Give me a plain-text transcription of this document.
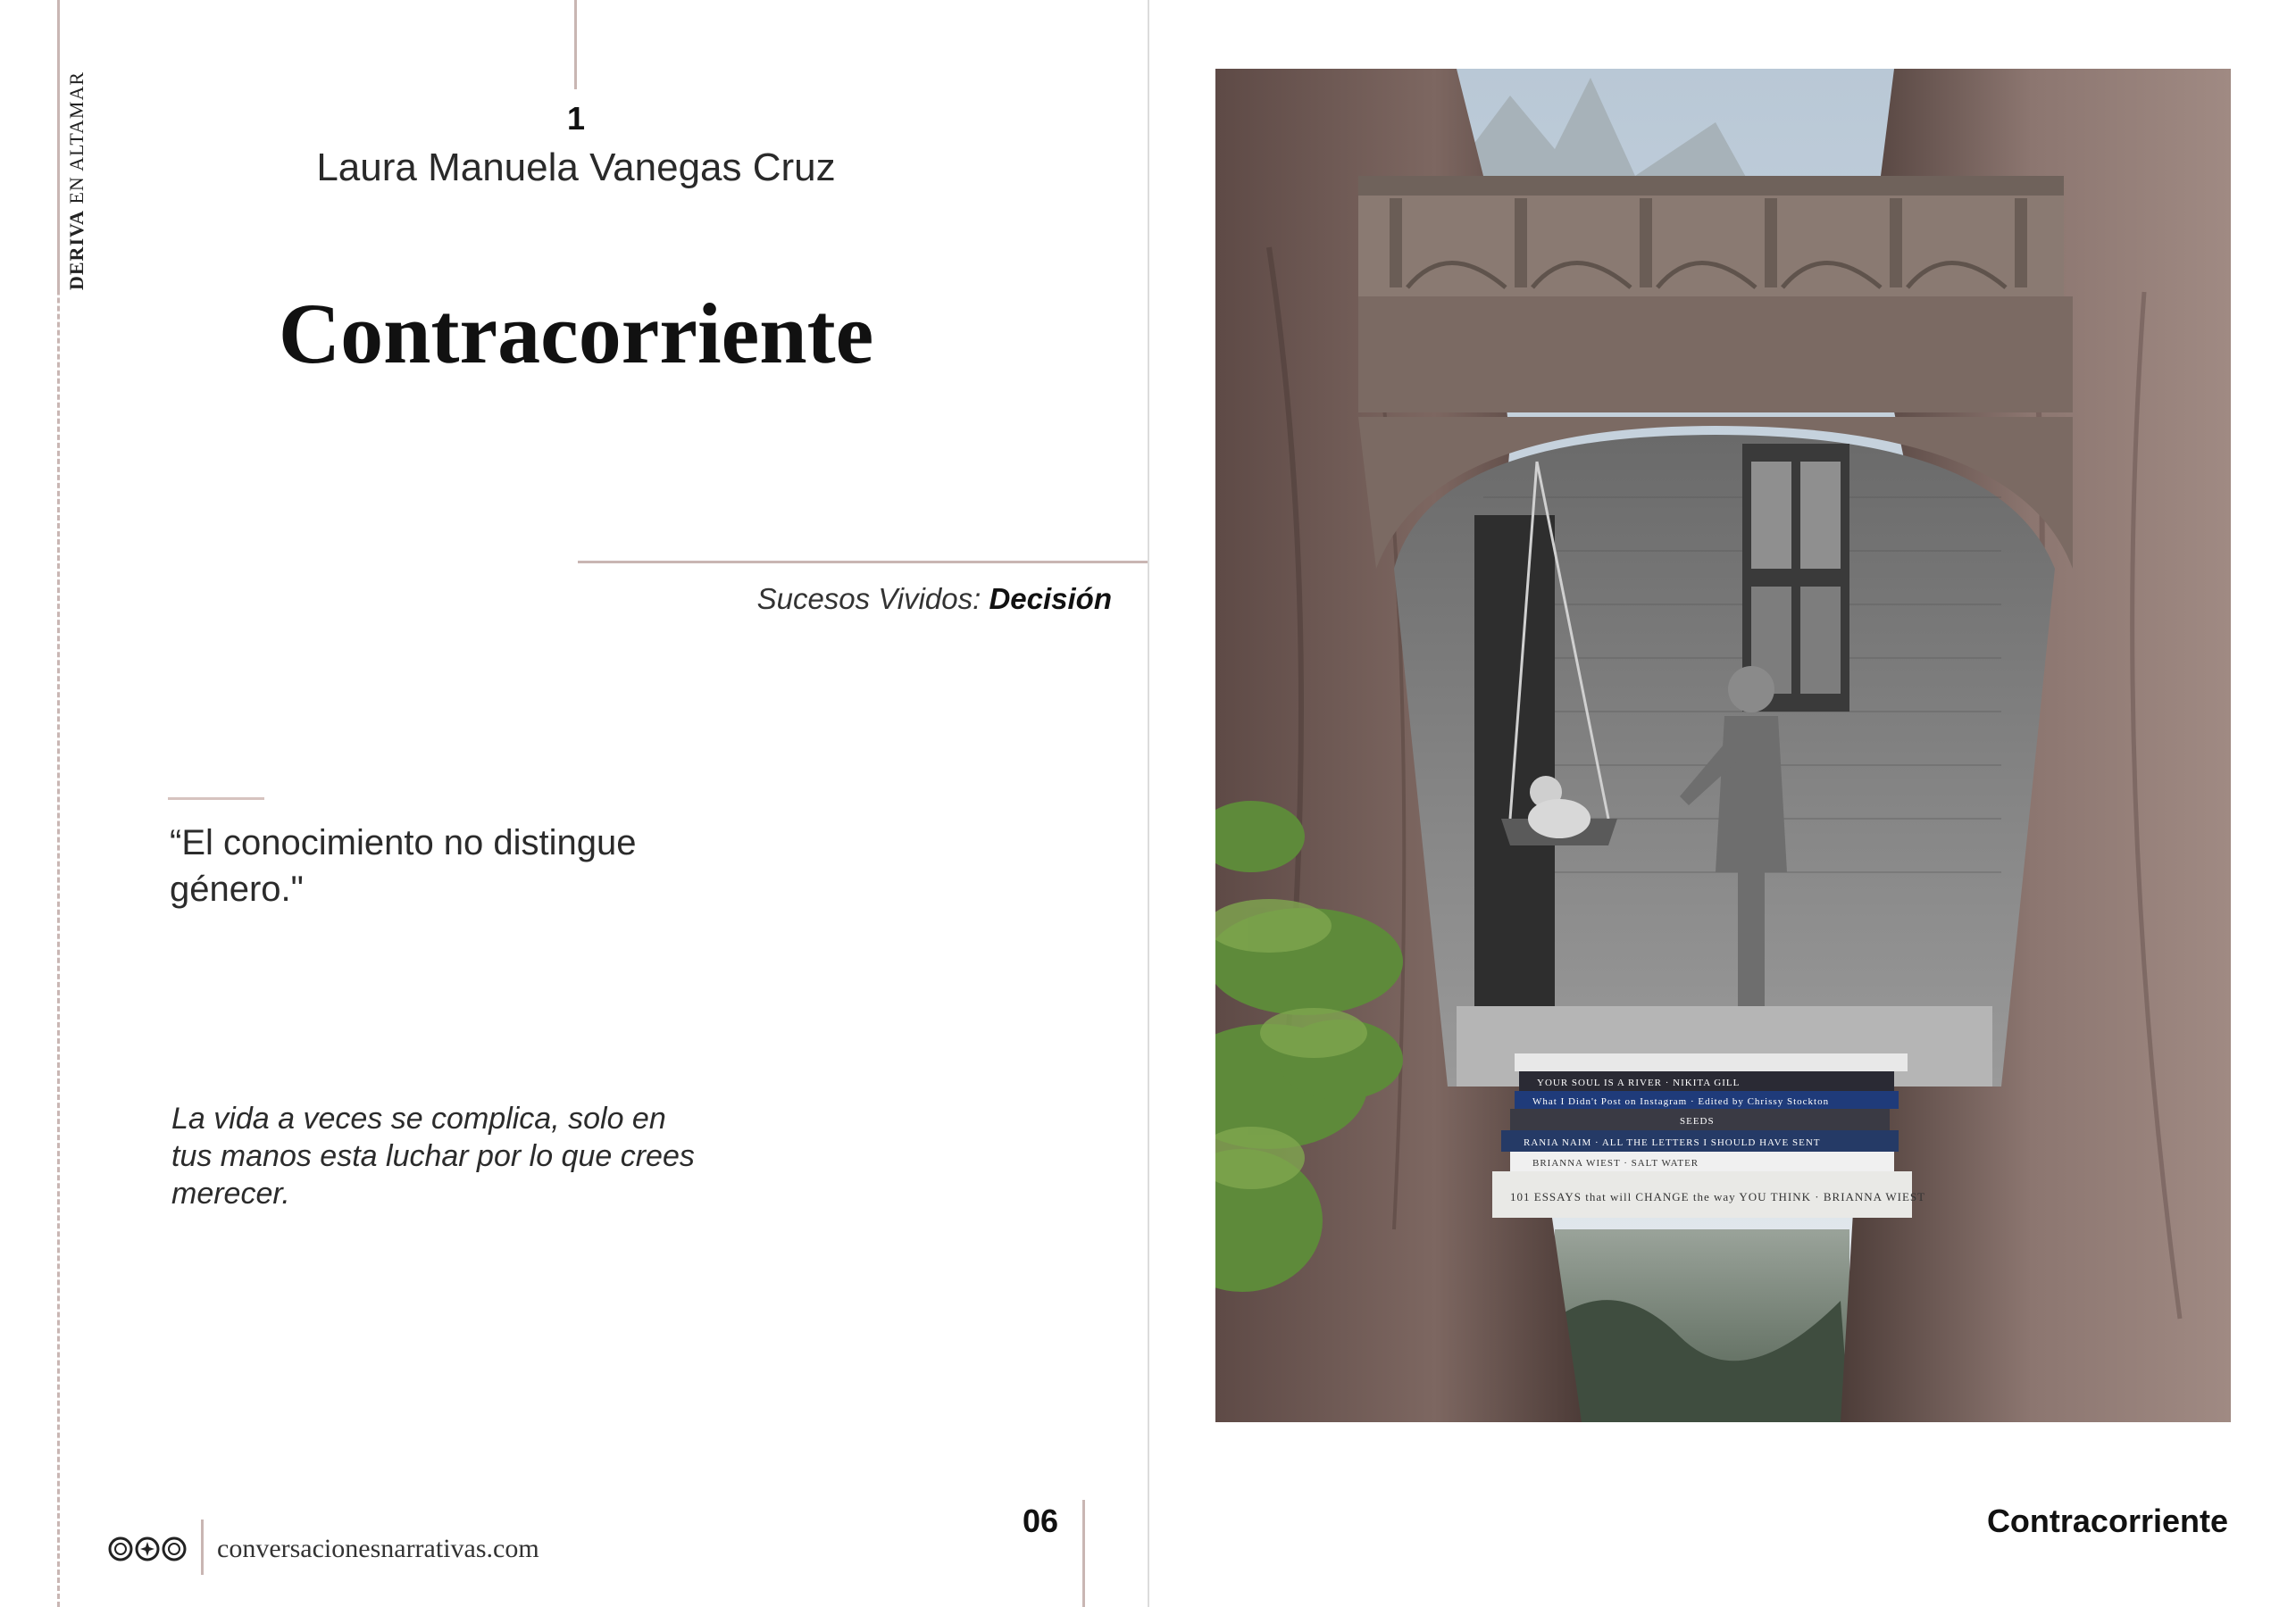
DERIVA EN ALTAMAR	1
Laura Manuela Vanegas Cruz
Contracorriente
Sucesos Vividos: Decisión
“El conocimiento no distingue género."
La vida a veces se complica, solo en tus manos esta luchar por lo que crees merecer.
conversacionesnarrativas.com
06
YOUR SOUL IS A RIVER · NIKITA GILL
What I Didn't Post on Instagram · Edited by Chrissy Stockton
SEEDS
RANIA NAIM · ALL THE LETTERS I SHOULD HAVE SENT
BRIANNA WIEST · SALT WATER
101 ESSAYS that will CHANGE the way YOU THINK · BRIANNA WIEST
Contracorriente
